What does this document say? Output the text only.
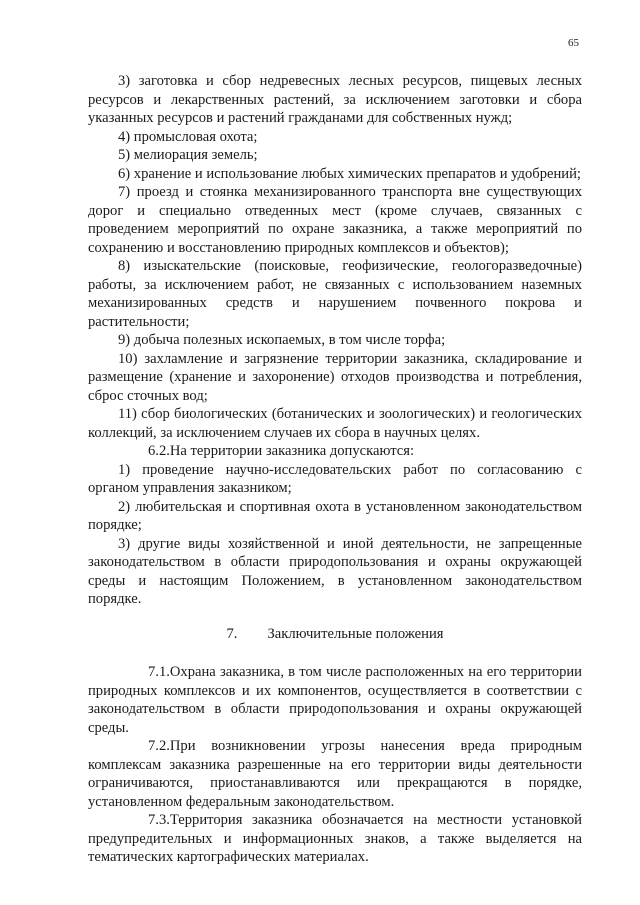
65

3) заготовка и сбор недревесных лесных ресурсов, пищевых лесных ресурсов и лекарственных растений, за исключением заготовки и сбора указанных ресурсов и растений гражданами для собственных нужд;

4) промысловая охота;

5) мелиорация земель;

6) хранение и использование любых химических препаратов и удобрений;

7) проезд и стоянка механизированного транспорта вне существующих дорог и специально отведенных мест (кроме случаев, связанных с проведением мероприятий по охране заказника, а также мероприятий по сохранению и восстановлению природных комплексов и объектов);

8) изыскательские (поисковые, геофизические, геологоразведочные) работы, за исключением работ, не связанных с использованием наземных механизированных средств и нарушением почвенного покрова и растительности;

9) добыча полезных ископаемых, в том числе торфа;

10) захламление и загрязнение территории заказника, складирование и размещение (хранение и захоронение) отходов производства и потребления, сброс сточных вод;

11) сбор биологических (ботанических и зоологических) и геологических коллекций, за исключением случаев их сбора в научных целях.

6.2.На территории заказника допускаются:

1) проведение научно-исследовательских работ по согласованию с органом управления заказником;

2) любительская и спортивная охота в установленном законодательством порядке;

3) другие виды хозяйственной и иной деятельности, не запрещенные законодательством в области природопользования и охраны окружающей среды и настоящим Положением, в установленном законодательством порядке.

7. Заключительные положения

7.1.Охрана заказника, в том числе расположенных на его территории природных комплексов и их компонентов, осуществляется в соответствии с законодательством в области природопользования и охраны окружающей среды.

7.2.При возникновении угрозы нанесения вреда природным комплексам заказника разрешенные на его территории виды деятельности ограничиваются, приостанавливаются или прекращаются в порядке, установленном федеральным законодательством.

7.3.Территория заказника обозначается на местности установкой предупредительных и информационных знаков, а также выделяется на тематических картографических материалах.
